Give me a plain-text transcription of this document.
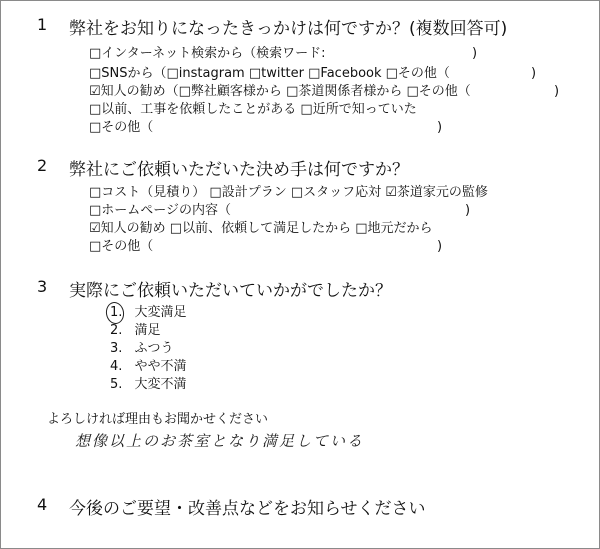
1 弊社をお知りになったきっかけは何ですか？(複数回答可)
□インターネット検索から（検索ワード:	)
□SNSから（□instagram □twitter □Facebook □その他（	)
☑知人の勧め（□弊社顧客様から □茶道関係者様から □その他（	)
□以前、工事を依頼したことがある □近所で知っていた
□その他（	)
2 弊社にご依頼いただいた決め手は何ですか？
□コスト（見積り） □設計プラン □スタッフ応対 ☑茶道家元の監修
□ホームページの内容（	)
☑知人の勧め □以前、依頼して満足したから □地元だから
□その他（	)
3 実際にご依頼いただいていかがでしたか？
1. 大変満足
2. 満足
3. ふつう
4. やや不満
5. 大変不満
よろしければ理由もお聞かせください
想像以上のお茶室となり満足している
4 今後のご要望・改善点などをお知らせください
